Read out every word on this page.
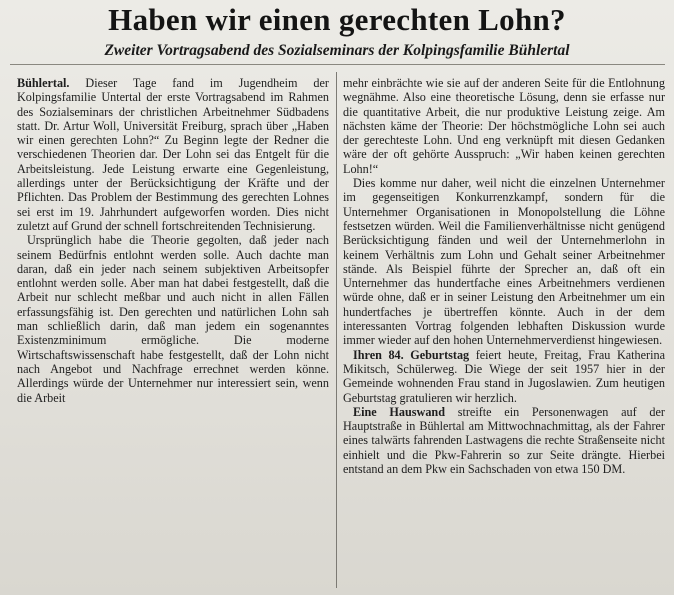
Haben wir einen gerechten Lohn?
Zweiter Vortragsabend des Sozialseminars der Kolpingsfamilie Bühlertal

Bühlertal. Dieser Tage fand im Jugendheim der Kolpingsfamilie Untertal der erste Vortragsabend im Rahmen des Sozialseminars der christlichen Arbeitnehmer Südbadens statt. Dr. Artur Woll, Universität Freiburg, sprach über „Haben wir einen gerechten Lohn?“ Zu Beginn legte der Redner die verschiedenen Theorien dar. Der Lohn sei das Entgelt für die Arbeitsleistung. Jede Leistung erwarte eine Gegenleistung, allerdings unter der Berücksichtigung der Kräfte und der Pflichten. Das Problem der Bestimmung des gerechten Lohnes sei erst im 19. Jahrhundert aufgeworfen worden. Dies nicht zuletzt auf Grund der schnell fortschreitenden Technisierung.

Ursprünglich habe die Theorie gegolten, daß jeder nach seinem Bedürfnis entlohnt werden solle. Auch dachte man daran, daß ein jeder nach seinem subjektiven Arbeitsopfer entlohnt werden solle. Aber man hat dabei festgestellt, daß die Arbeit nur schlecht meßbar und auch nicht in allen Fällen erfassungsfähig ist. Den gerechten und natürlichen Lohn sah man schließlich darin, daß man jedem ein sogenanntes Existenzminimum ermögliche. Die moderne Wirtschaftswissenschaft habe festgestellt, daß der Lohn nicht nach Angebot und Nachfrage errechnet werden könne. Allerdings würde der Unternehmer nur interessiert sein, wenn die Arbeit

mehr einbrächte wie sie auf der anderen Seite für die Entlohnung wegnähme. Also eine theoretische Lösung, denn sie erfasse nur die quantitative Arbeit, die nur produktive Leistung zeige. Am nächsten käme der Theorie: Der höchstmögliche Lohn sei auch der gerechteste Lohn. Und eng verknüpft mit diesen Gedanken wäre der oft gehörte Ausspruch: „Wir haben keinen gerechten Lohn!“

Dies komme nur daher, weil nicht die einzelnen Unternehmer im gegenseitigen Konkurrenzkampf, sondern für die Unternehmer Organisationen in Monopolstellung die Löhne festsetzen würden. Weil die Familienverhältnisse nicht genügend Berücksichtigung fänden und weil der Unternehmerlohn in keinem Verhältnis zum Lohn und Gehalt seiner Arbeitnehmer stände. Als Beispiel führte der Sprecher an, daß oft ein Unternehmer das hundertfache eines Arbeitnehmers verdienen würde ohne, daß er in seiner Leistung den Arbeitnehmer um ein hundertfaches je übertreffen könnte. Auch in der dem interessanten Vortrag folgenden lebhaften Diskussion wurde immer wieder auf den hohen Unternehmerverdienst hingewiesen.

Ihren 84. Geburtstag feiert heute, Freitag, Frau Katherina Mikitsch, Schülerweg. Die Wiege der seit 1957 hier in der Gemeinde wohnenden Frau stand in Jugoslawien. Zum heutigen Geburtstag gratulieren wir herzlich.

Eine Hauswand streifte ein Personenwagen auf der Hauptstraße in Bühlertal am Mittwochnachmittag, als der Fahrer eines talwärts fahrenden Lastwagens die rechte Straßenseite nicht einhielt und die Pkw-Fahrerin so zur Seite drängte. Hierbei entstand an dem Pkw ein Sachschaden von etwa 150 DM.
